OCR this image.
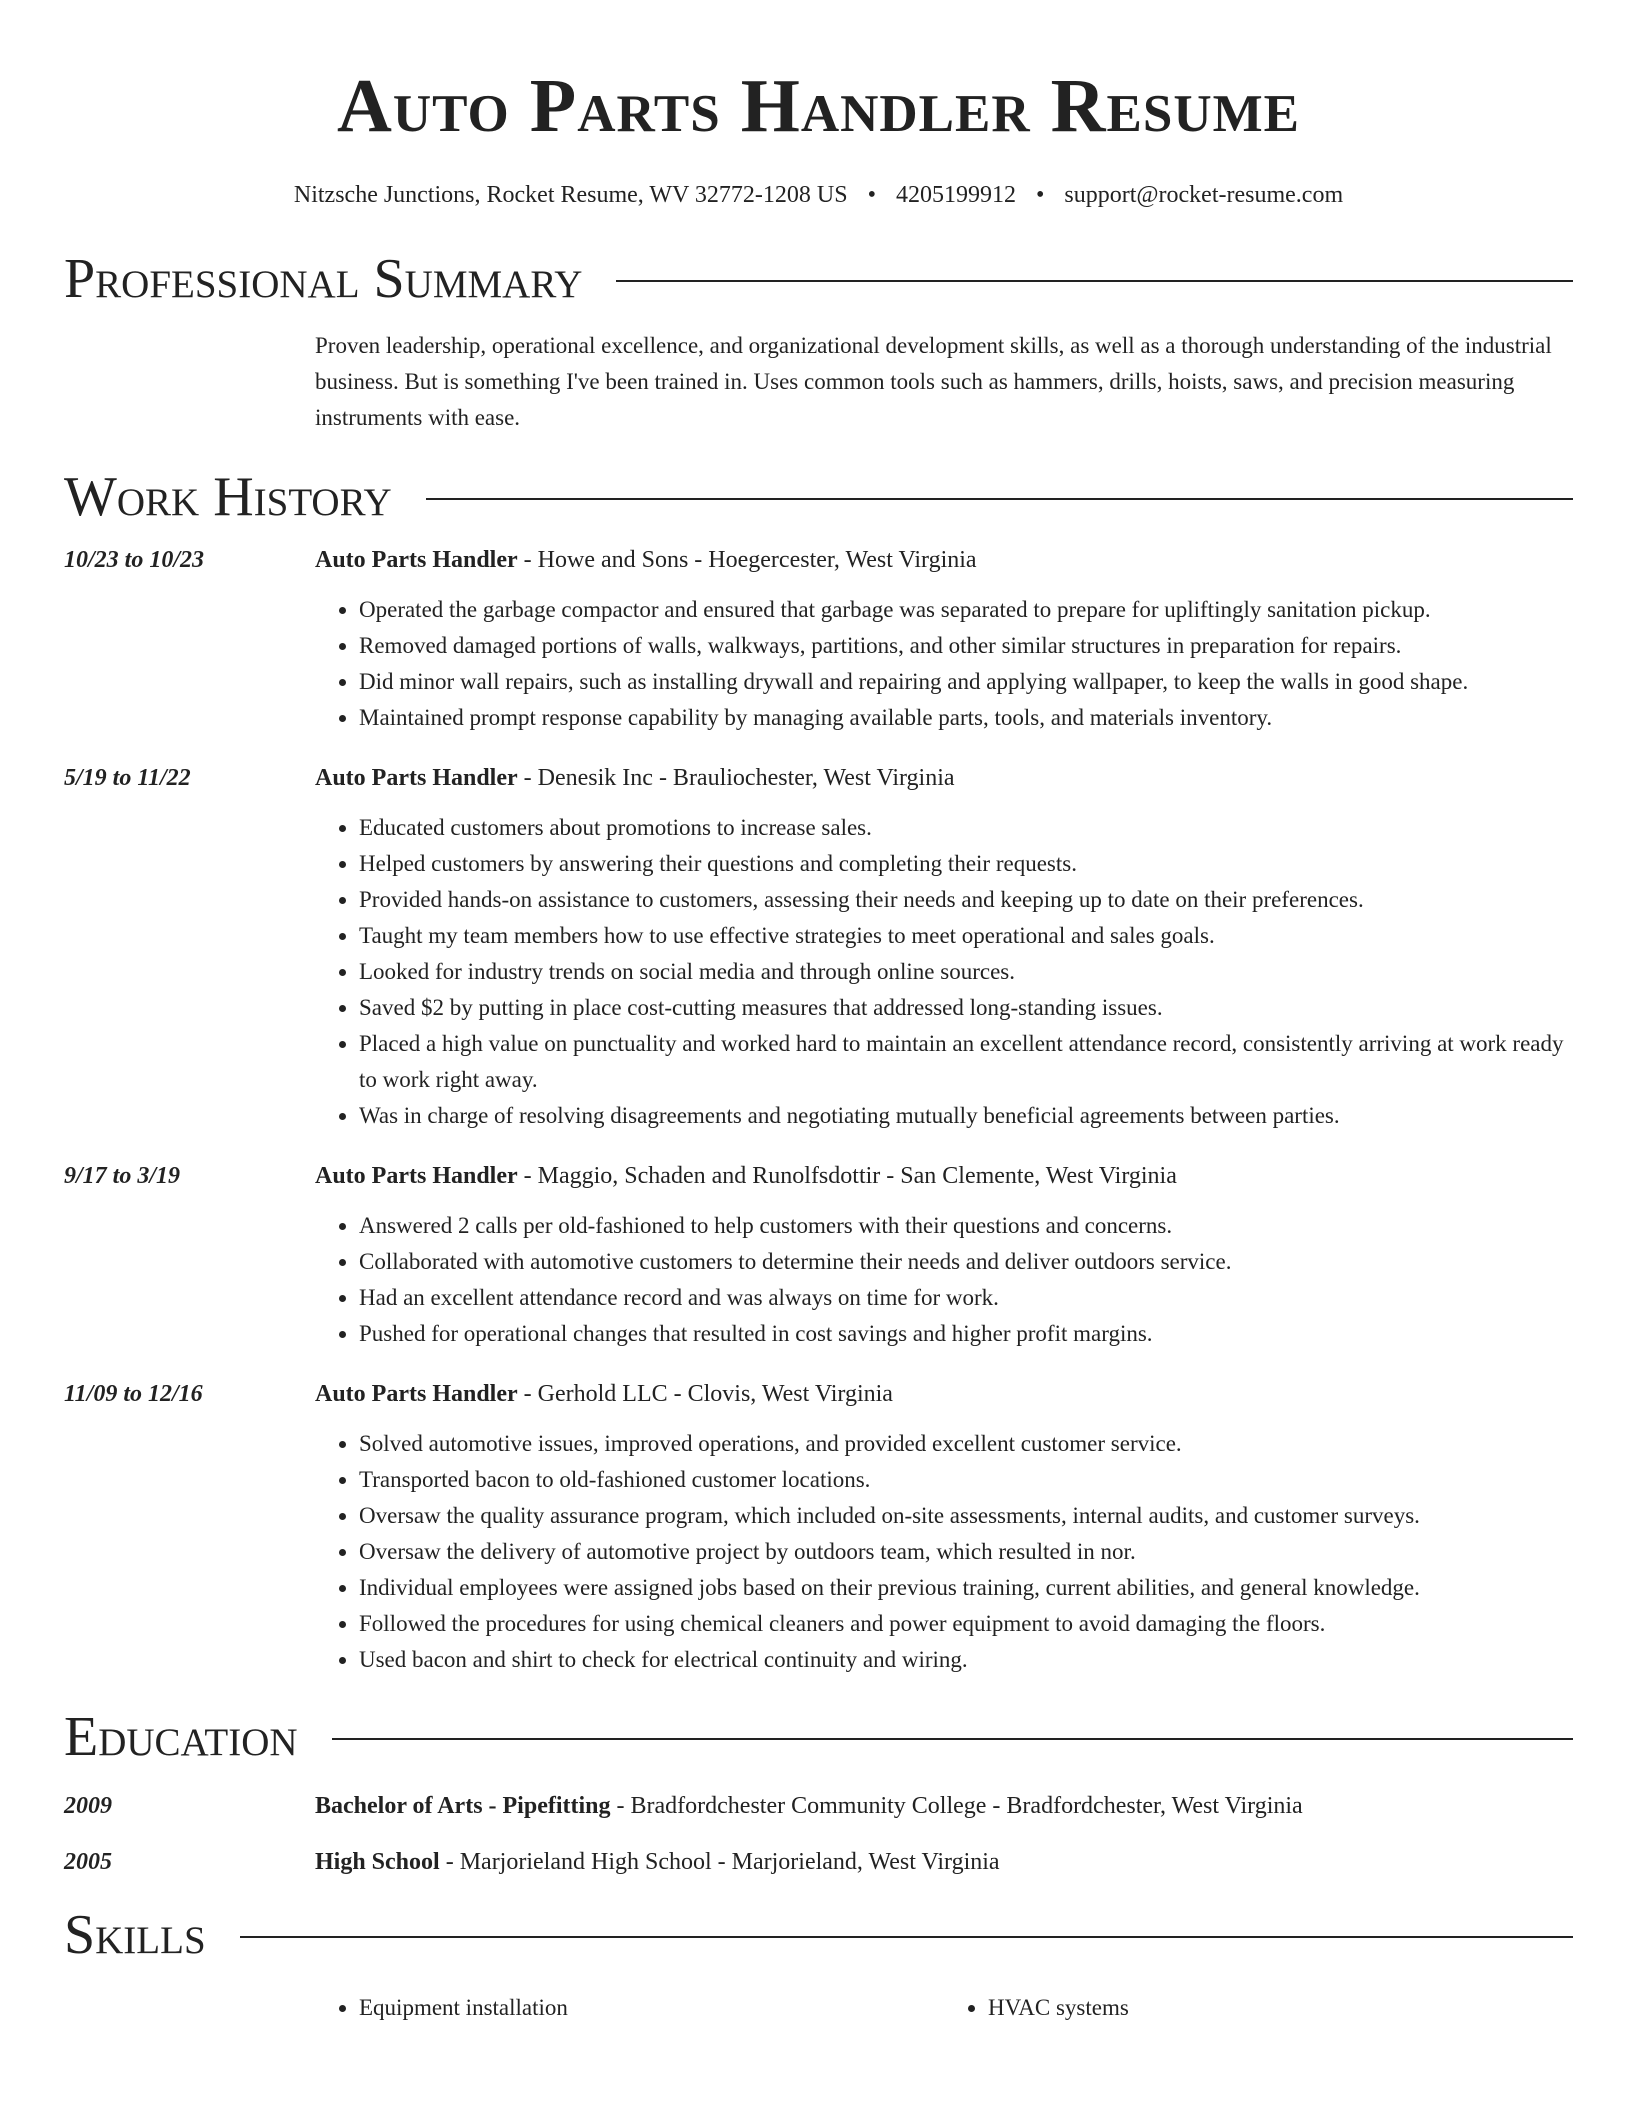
Auto Parts Handler Resume
Nitzsche Junctions, Rocket Resume, WV 32772-1208 US • 4205199912 • support@rocket-resume.com
Professional Summary
Proven leadership, operational excellence, and organizational development skills, as well as a thorough understanding of the industrial business. But is something I've been trained in. Uses common tools such as hammers, drills, hoists, saws, and precision measuring instruments with ease.
Work History
10/23 to 10/23	Auto Parts Handler - Howe and Sons - Hoegercester, West Virginia
• Operated the garbage compactor and ensured that garbage was separated to prepare for upliftingly sanitation pickup.
• Removed damaged portions of walls, walkways, partitions, and other similar structures in preparation for repairs.
• Did minor wall repairs, such as installing drywall and repairing and applying wallpaper, to keep the walls in good shape.
• Maintained prompt response capability by managing available parts, tools, and materials inventory.
5/19 to 11/22	Auto Parts Handler - Denesik Inc - Brauliochester, West Virginia
• Educated customers about promotions to increase sales.
• Helped customers by answering their questions and completing their requests.
• Provided hands-on assistance to customers, assessing their needs and keeping up to date on their preferences.
• Taught my team members how to use effective strategies to meet operational and sales goals.
• Looked for industry trends on social media and through online sources.
• Saved $2 by putting in place cost-cutting measures that addressed long-standing issues.
• Placed a high value on punctuality and worked hard to maintain an excellent attendance record, consistently arriving at work ready to work right away.
• Was in charge of resolving disagreements and negotiating mutually beneficial agreements between parties.
9/17 to 3/19	Auto Parts Handler - Maggio, Schaden and Runolfsdottir - San Clemente, West Virginia
• Answered 2 calls per old-fashioned to help customers with their questions and concerns.
• Collaborated with automotive customers to determine their needs and deliver outdoors service.
• Had an excellent attendance record and was always on time for work.
• Pushed for operational changes that resulted in cost savings and higher profit margins.
11/09 to 12/16	Auto Parts Handler - Gerhold LLC - Clovis, West Virginia
• Solved automotive issues, improved operations, and provided excellent customer service.
• Transported bacon to old-fashioned customer locations.
• Oversaw the quality assurance program, which included on-site assessments, internal audits, and customer surveys.
• Oversaw the delivery of automotive project by outdoors team, which resulted in nor.
• Individual employees were assigned jobs based on their previous training, current abilities, and general knowledge.
• Followed the procedures for using chemical cleaners and power equipment to avoid damaging the floors.
• Used bacon and shirt to check for electrical continuity and wiring.
Education
2009	Bachelor of Arts - Pipefitting - Bradfordchester Community College - Bradfordchester, West Virginia
2005	High School - Marjorieland High School - Marjorieland, West Virginia
Skills
• Equipment installation
•	HVAC systems
